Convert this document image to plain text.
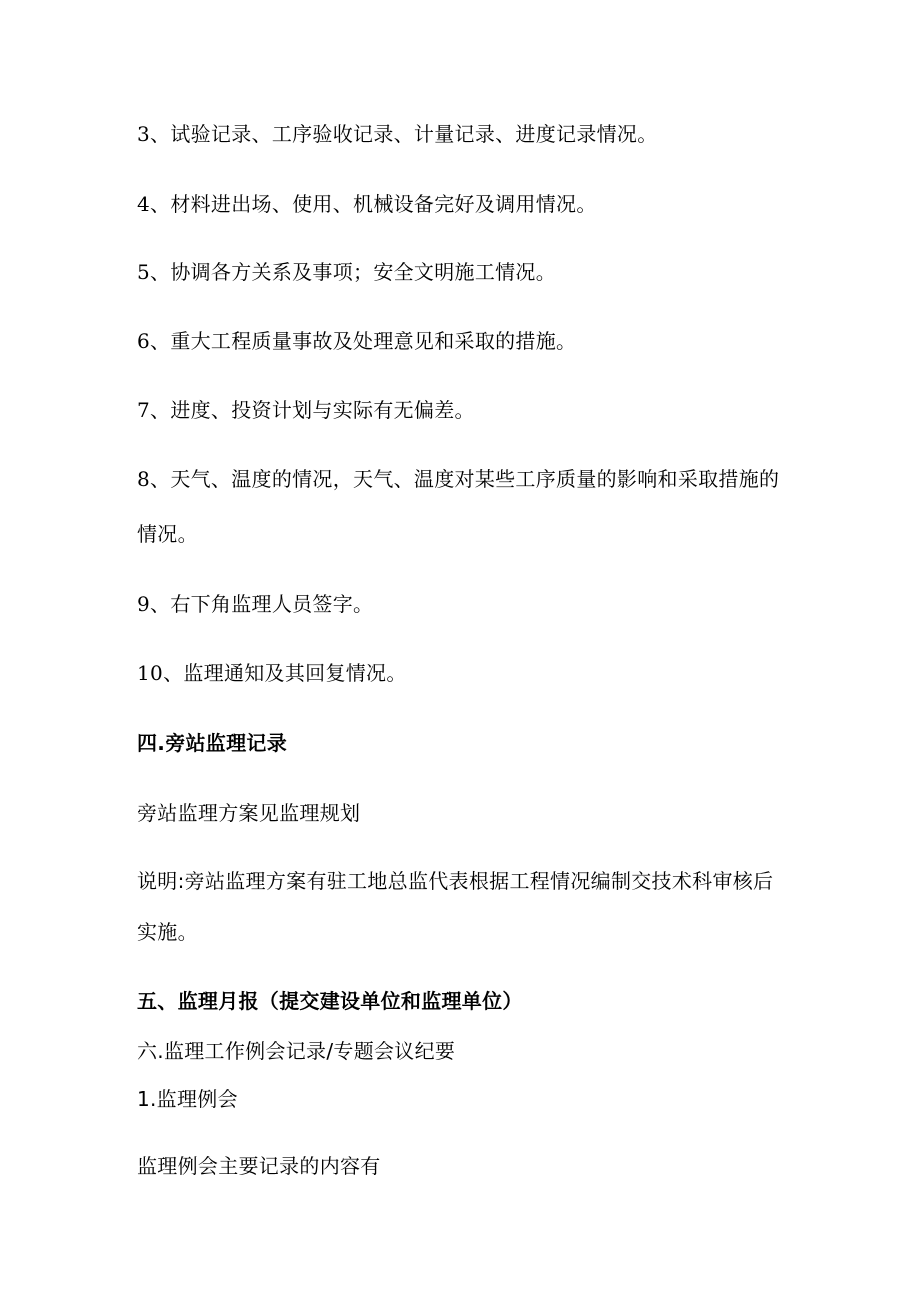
3、试验记录、工序验收记录、计量记录、进度记录情况。
4、材料进出场、使用、机械设备完好及调用情况。
5、协调各方关系及事项；安全文明施工情况。
6、重大工程质量事故及处理意见和采取的措施。
7、进度、投资计划与实际有无偏差。
8、天气、温度的情况，天气、温度对某些工序质量的影响和采取措施的
情况。
9、右下角监理人员签字。
10、监理通知及其回复情况。
四.旁站监理记录
旁站监理方案见监理规划
说明:旁站监理方案有驻工地总监代表根据工程情况编制交技术科审核后
实施。
五、监理月报（提交建设单位和监理单位）
六.监理工作例会记录/专题会议纪要
1.监理例会
监理例会主要记录的内容有
